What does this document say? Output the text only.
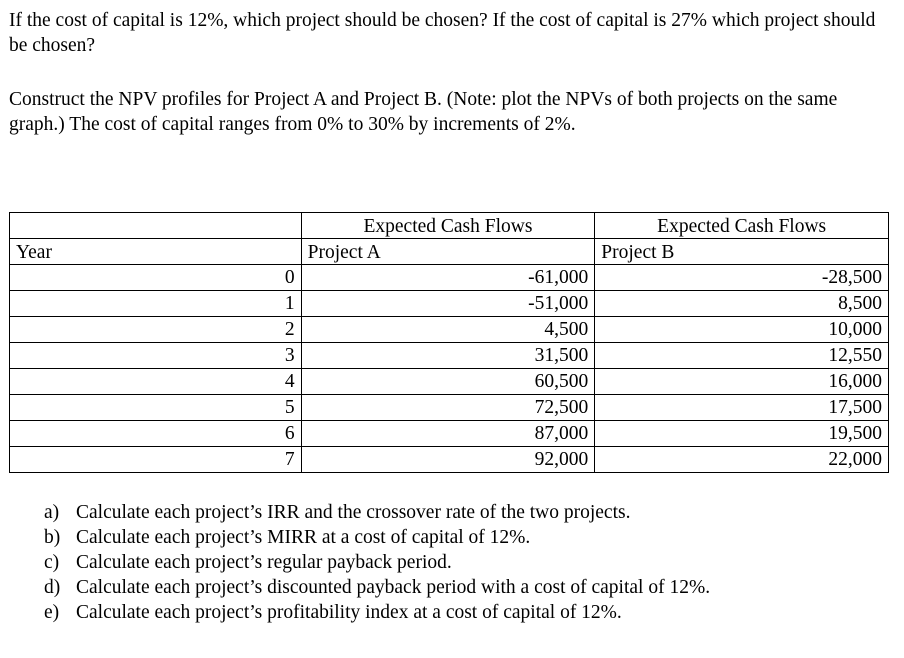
If the cost of capital is 12%, which project should be chosen? If the cost of capital is 27% which project should be chosen?

Construct the NPV profiles for Project A and Project B. (Note: plot the NPVs of both projects on the same graph.) The cost of capital ranges from 0% to 30% by increments of 2%.

	Expected Cash Flows	Expected Cash Flows
Year	Project A	Project B
0	-61,000	-28,500
1	-51,000	8,500
2	4,500	10,000
3	31,500	12,550
4	60,500	16,000
5	72,500	17,500
6	87,000	19,500
7	92,000	22,000
a) Calculate each project’s IRR and the crossover rate of the two projects.
b) Calculate each project’s MIRR at a cost of capital of 12%.
c) Calculate each project’s regular payback period.
d) Calculate each project’s discounted payback period with a cost of capital of 12%.
e) Calculate each project’s profitability index at a cost of capital of 12%.
